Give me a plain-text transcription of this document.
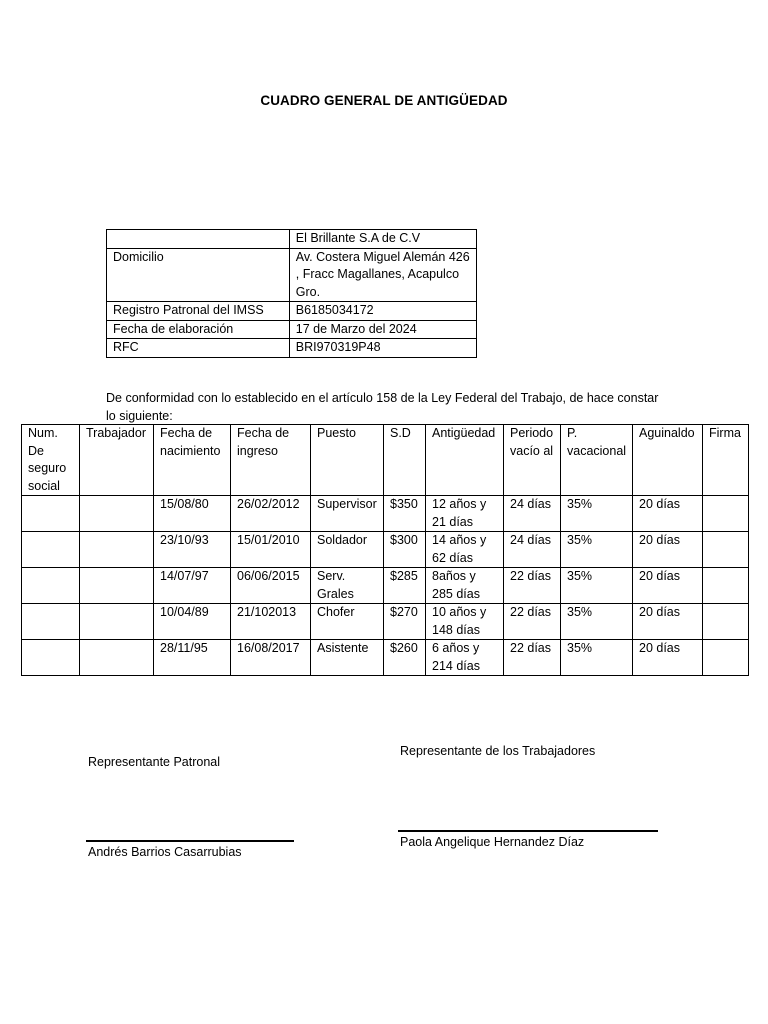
CUADRO GENERAL DE ANTIGÜEDAD
	El Brillante S.A de C.V
Domicilio	Av. Costera Miguel Alemán 426 , Fracc Magallanes, Acapulco Gro.
Registro Patronal del IMSS	B6185034172
Fecha de elaboración	17 de Marzo del 2024
RFC	BRI970319P48
De conformidad con lo establecido en el artículo 158 de la Ley Federal del Trabajo, de hace constar lo siguiente:
Num. De seguro social	Trabajador	Fecha de nacimiento	Fecha de ingreso	Puesto	S.D	Antigüedad	Periodo vacío al	P. vacacional	Aguinaldo	Firma
		15/08/80	26/02/2012	Supervisor	$350	12 años y 21 días	24 días	35%	20 días	
		23/10/93	15/01/2010	Soldador	$300	14 años y 62 días	24 días	35%	20 días	
		14/07/97	06/06/2015	Serv. Grales	$285	8años y 285 días	22 días	35%	20 días	
		10/04/89	21/102013	Chofer	$270	10 años y 148 días	22 días	35%	20 días	
		28/11/95	16/08/2017	Asistente	$260	6 años y 214 días	22 días	35%	20 días	
Representante Patronal
Representante de los Trabajadores
Andrés Barrios Casarrubias
Paola Angelique Hernandez Díaz
